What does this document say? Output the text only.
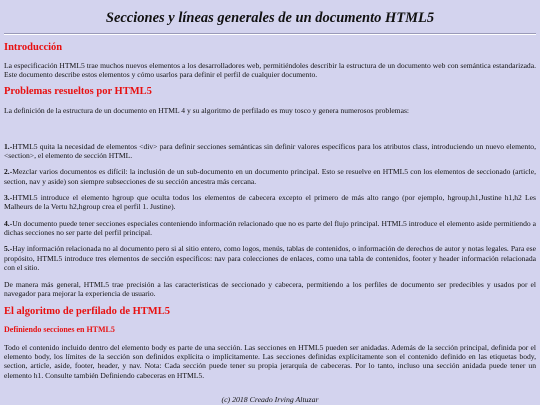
Secciones y líneas generales de un documento HTML5
Introducción

La especificación HTML5 trae muchos nuevos elementos a los desarrolladores web, permitiéndoles describir la estructura de un documento web con semántica estandarizada. Este documento describe estos elementos y cómo usarlos para definir el perfil de cualquier documento.

Problemas resueltos por HTML5

La definición de la estructura de un documento en HTML 4 y su algoritmo de perfilado es muy tosco y genera numerosos problemas:

1.-HTML5 quita la necesidad de elementos <div> para definir secciones semánticas sin definir valores específicos para los atributos class, introduciendo un nuevo elemento, <section>, el elemento de sección HTML.

2.-Mezclar varios documentos es difícil: la inclusión de un sub-documento en un documento principal. Esto se resuelve en HTML5 con los elementos de seccionado (article, section, nav y aside) son siempre subsecciones de su sección ancestra más cercana.

3.-HTML5 introduce el elemento hgroup que oculta todos los elementos de cabecera excepto el primero de más alto rango (por ejemplo, hgroup,h1,Justine h1,h2 Les Malheurs de la Vertu h2,hgroup crea el perfil 1. Justine).

4.-Un documento puede tener secciones especiales conteniendo información relacionado que no es parte del flujo principal. HTML5 introduce el elemento aside permitiendo a dichas secciones no ser parte del perfil principal.

5.-Hay información relacionada no al documento pero si al sitio entero, como logos, menús, tablas de contenidos, o información de derechos de autor y notas legales. Para ese propósito, HTML5 introduce tres elementos de sección específicos: nav para colecciones de enlaces, como una tabla de contenidos, footer y header información relacionada con el sitio.

De manera más general, HTML5 trae precisión a las características de seccionado y cabecera, permitiendo a los perfiles de documento ser predecibles y usados por el navegador para mejorar la experiencia de usuario.

El algoritmo de perfilado de HTML5
Definiendo secciones en HTML5

Todo el contenido incluido dentro del elemento body es parte de una sección. Las secciones en HTML5 pueden ser anidadas. Además de la sección principal, definida por el elemento body, los límites de la sección son definidos explícita o implícitamente. Las secciones definidas explícitamente son el contenido definido en las etiquetas body, section, article, aside, footer, header, y nav. Nota: Cada sección puede tener su propia jerarquía de cabeceras. Por lo tanto, incluso una sección anidada puede tener un elemento h1. Consulte también Definiendo cabeceras en HTML5.

(c) 2018 Creado Irving Altuzar
